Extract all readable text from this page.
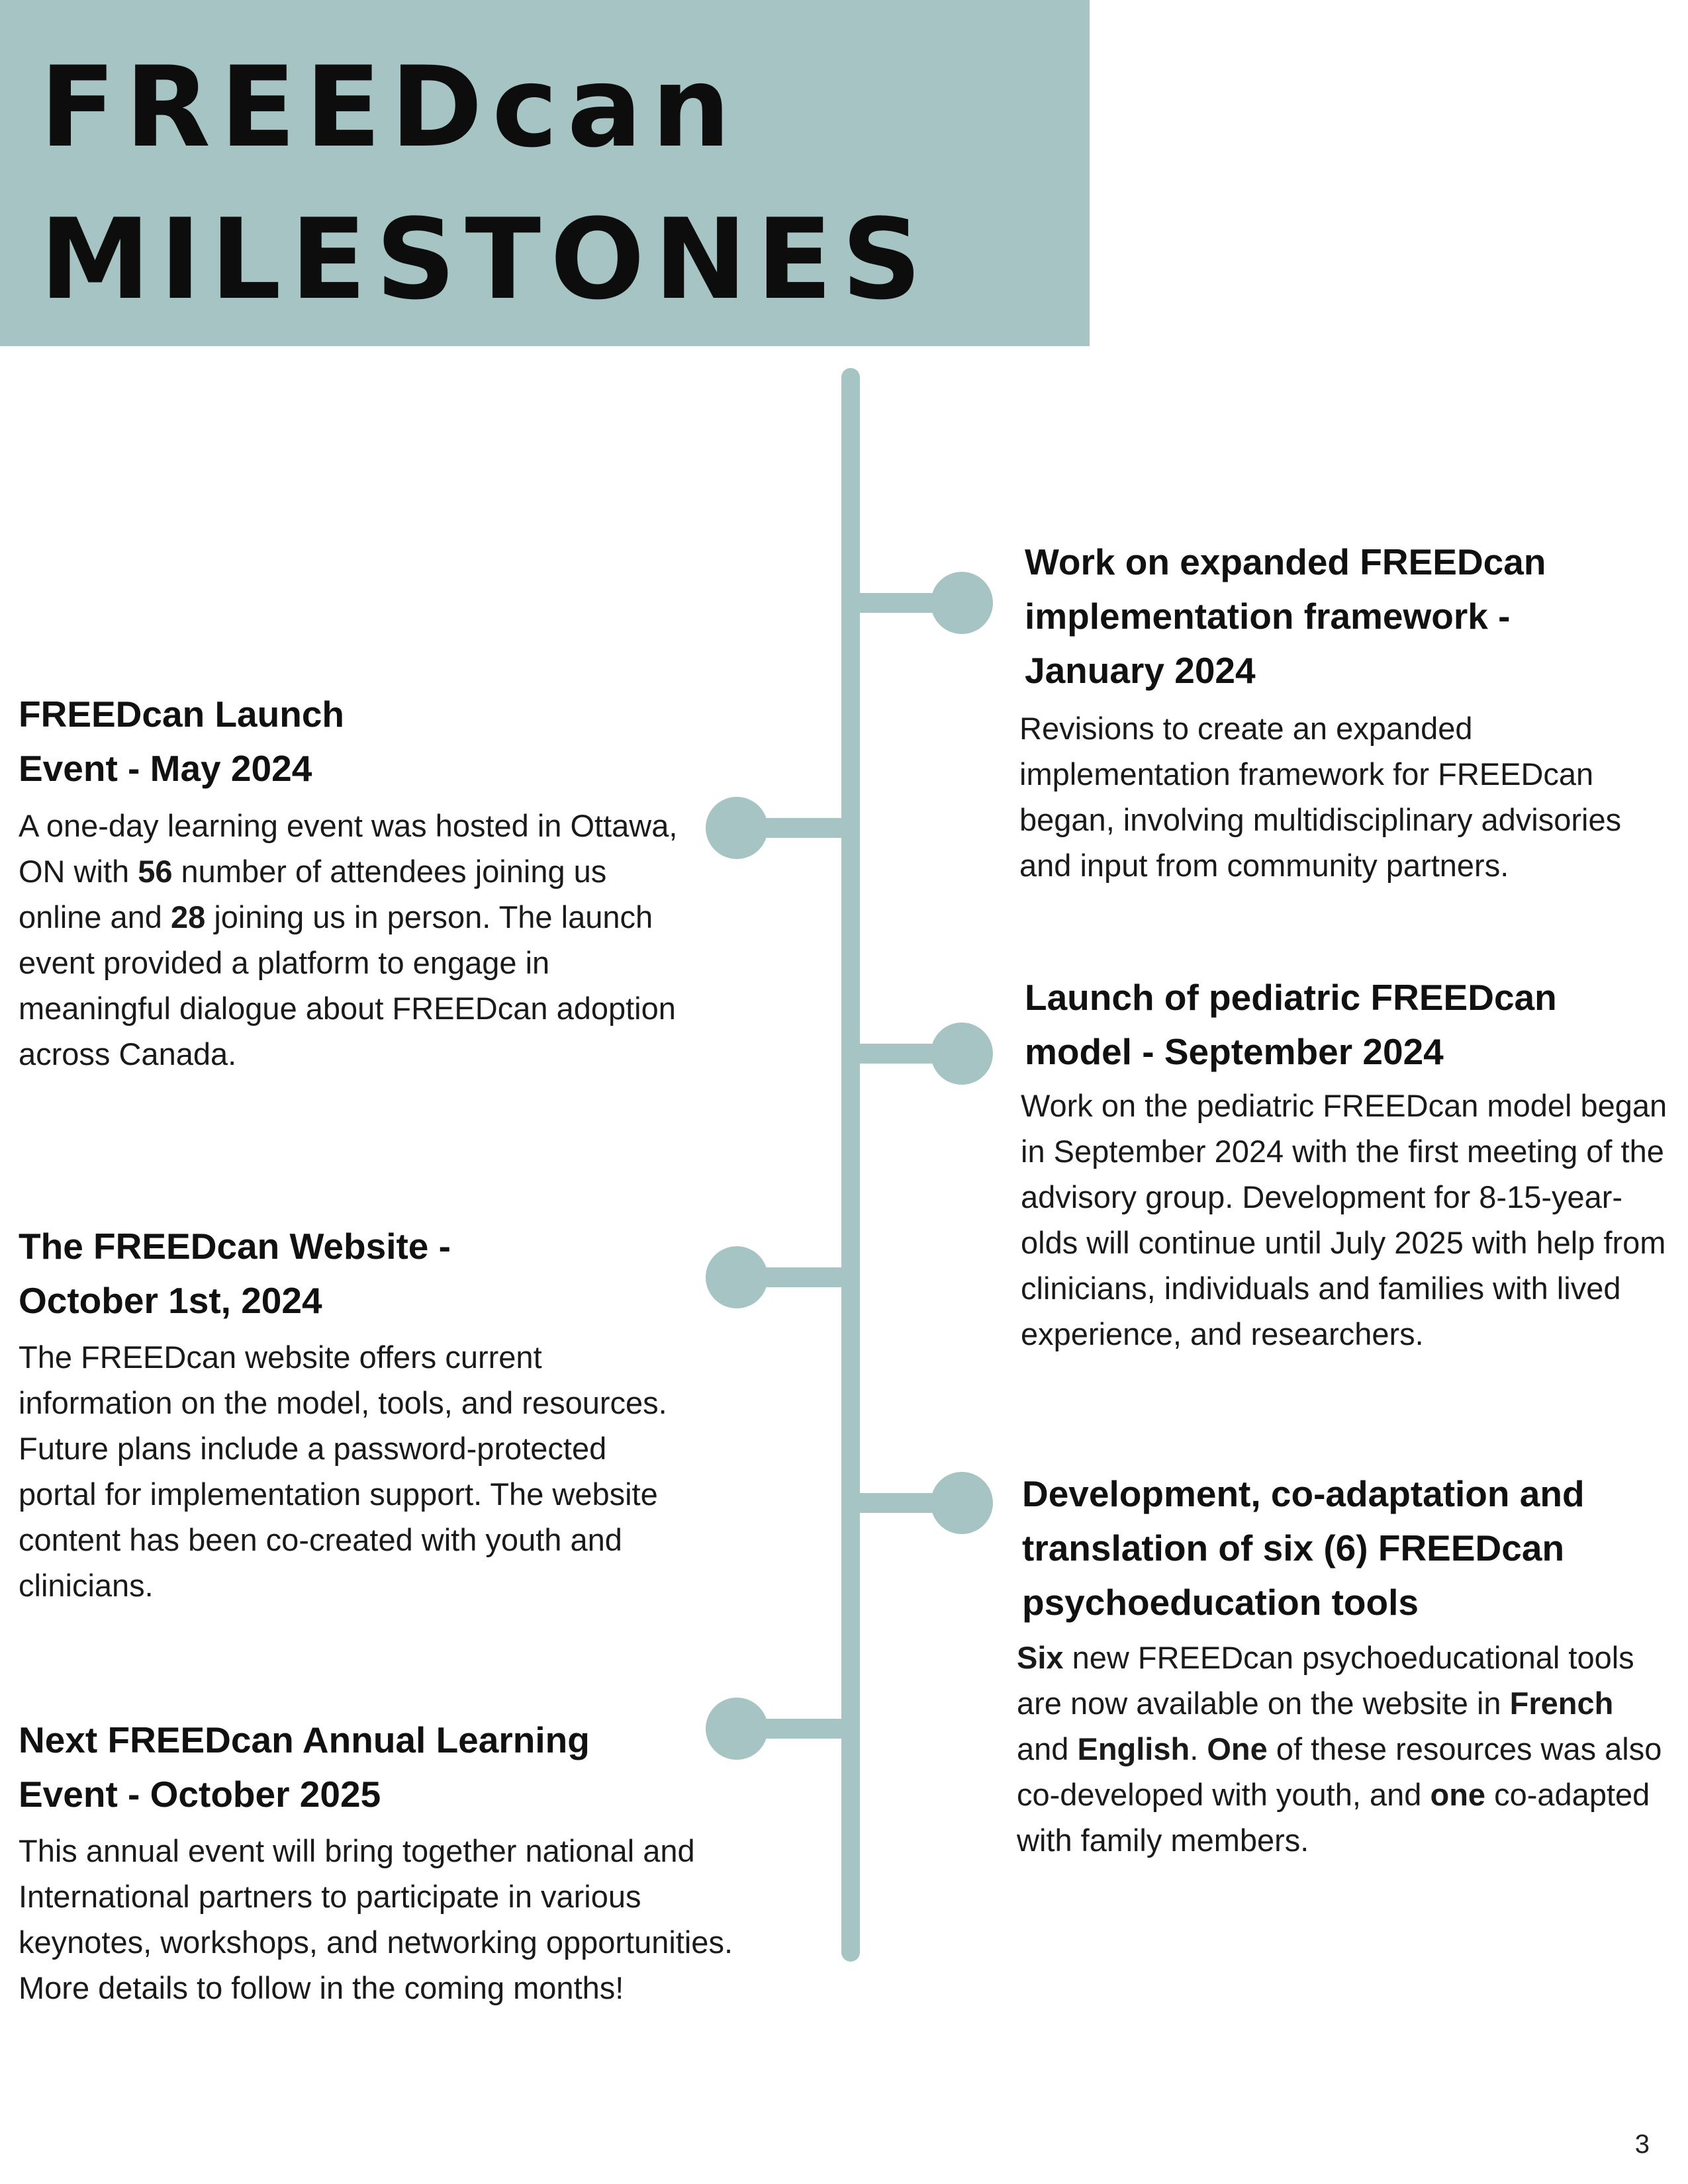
FREEDcan
MILESTONES
FREEDcan Launch
Event - May 2024

A one-day learning event was hosted in Ottawa, ON with 56 number of attendees joining us online and 28 joining us in person. The launch event provided a platform to engage in meaningful dialogue about FREEDcan adoption across Canada.

The FREEDcan Website -
October 1st, 2024

The FREEDcan website offers current information on the model, tools, and resources. Future plans include a password-protected portal for implementation support. The website content has been co-created with youth and clinicians.

Next FREEDcan Annual Learning
Event - October 2025

This annual event will bring together national and International partners to participate in various keynotes, workshops, and networking opportunities. More details to follow in the coming months!

Work on expanded FREEDcan
implementation framework -
January 2024

Revisions to create an expanded implementation framework for FREEDcan began, involving multidisciplinary advisories and input from community partners.

Launch of pediatric FREEDcan
model - September 2024

Work on the pediatric FREEDcan model began in September 2024 with the first meeting of the advisory group. Development for 8-15-year-olds will continue until July 2025 with help from clinicians, individuals and families with lived experience, and researchers.

Development, co-adaptation and
translation of six (6) FREEDcan
psychoeducation tools

Six new FREEDcan psychoeducational tools are now available on the website in French and English. One of these resources was also co-developed with youth, and one co-adapted with family members.

3
